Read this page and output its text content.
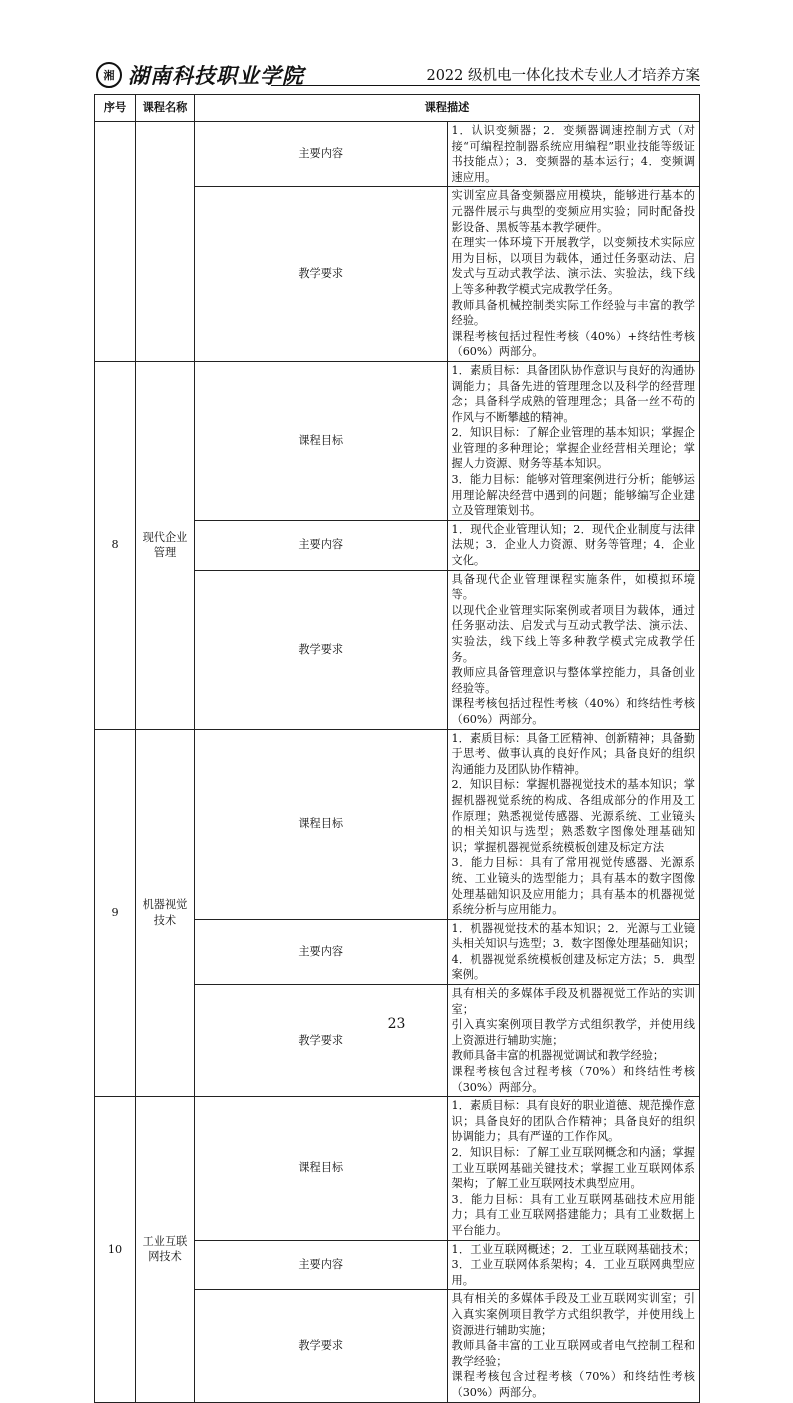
湘 湖南科技职业学院	2022 级机电一体化技术专业人才培养方案
序号	课程名称	课程描述	
		主要内容	1．认识变频器；2．变频器调速控制方式（对接“可编程控制器系统应用编程”职业技能等级证书技能点）；3．变频器的基本运行；4．变频调速应用。

		教学要求	实训室应具备变频器应用模块，能够进行基本的元器件展示与典型的变频应用实验；同时配备投影设备、黑板等基本教学硬件。

在理实一体环境下开展教学，以变频技术实际应用为目标，以项目为载体，通过任务驱动法、启发式与互动式教学法、演示法、实验法，线下线上等多种教学模式完成教学任务。

教师具备机械控制类实际工作经验与丰富的教学经验。

课程考核包括过程性考核（40%）+终结性考核（60%）两部分。

8	现代企业管理	课程目标	1．素质目标：具备团队协作意识与良好的沟通协调能力；具备先进的管理理念以及科学的经营理念；具备科学成熟的管理理念；具备一丝不苟的作风与不断攀越的精神。

2．知识目标：了解企业管理的基本知识；掌握企业管理的多种理论；掌握企业经营相关理论；掌握人力资源、财务等基本知识。

3．能力目标：能够对管理案例进行分析；能够运用理论解决经营中遇到的问题；能够编写企业建立及管理策划书。

		主要内容	1．现代企业管理认知；2．现代企业制度与法律法规；3．企业人力资源、财务等管理；4．企业文化。

		教学要求	具备现代企业管理课程实施条件，如模拟环境等。

以现代企业管理实际案例或者项目为载体，通过任务驱动法、启发式与互动式教学法、演示法、实验法，线下线上等多种教学模式完成教学任务。

教师应具备管理意识与整体掌控能力，具备创业经验等。

课程考核包括过程性考核（40%）和终结性考核（60%）两部分。

9	机器视觉技术	课程目标	1．素质目标：具备工匠精神、创新精神；具备勤于思考、做事认真的良好作风；具备良好的组织沟通能力及团队协作精神。

2．知识目标：掌握机器视觉技术的基本知识；掌握机器视觉系统的构成、各组成部分的作用及工作原理；熟悉视觉传感器、光源系统、工业镜头的相关知识与选型；熟悉数字图像处理基础知识；掌握机器视觉系统模板创建及标定方法

3．能力目标：具有了常用视觉传感器、光源系统、工业镜头的选型能力；具有基本的数字图像处理基础知识及应用能力；具有基本的机器视觉系统分析与应用能力。

		主要内容	1．机器视觉技术的基本知识；2．光源与工业镜头相关知识与选型；3．数字图像处理基础知识；4．机器视觉系统模板创建及标定方法；5．典型案例。

		教学要求	具有相关的多媒体手段及机器视觉工作站的实训室；

引入真实案例项目教学方式组织教学，并使用线上资源进行辅助实施；

教师具备丰富的机器视觉调试和教学经验；

课程考核包含过程考核（70%）和终结性考核（30%）两部分。

10	工业互联网技术	课程目标	1．素质目标：具有良好的职业道德、规范操作意识；具备良好的团队合作精神；具备良好的组织协调能力；具有严谨的工作作风。

2．知识目标：了解工业互联网概念和内涵；掌握工业互联网基础关键技术；掌握工业互联网体系架构；了解工业互联网技术典型应用。

3．能力目标：具有工业互联网基础技术应用能力；具有工业互联网搭建能力；具有工业数据上平台能力。

		主要内容	1．工业互联网概述；2．工业互联网基础技术；3．工业互联网体系架构；4．工业互联网典型应用。

		教学要求	具有相关的多媒体手段及工业互联网实训室；引入真实案例项目教学方式组织教学，并使用线上资源进行辅助实施；

教师具备丰富的工业互联网或者电气控制工程和教学经验；

课程考核包含过程考核（70%）和终结性考核（30%）两部分。

23
